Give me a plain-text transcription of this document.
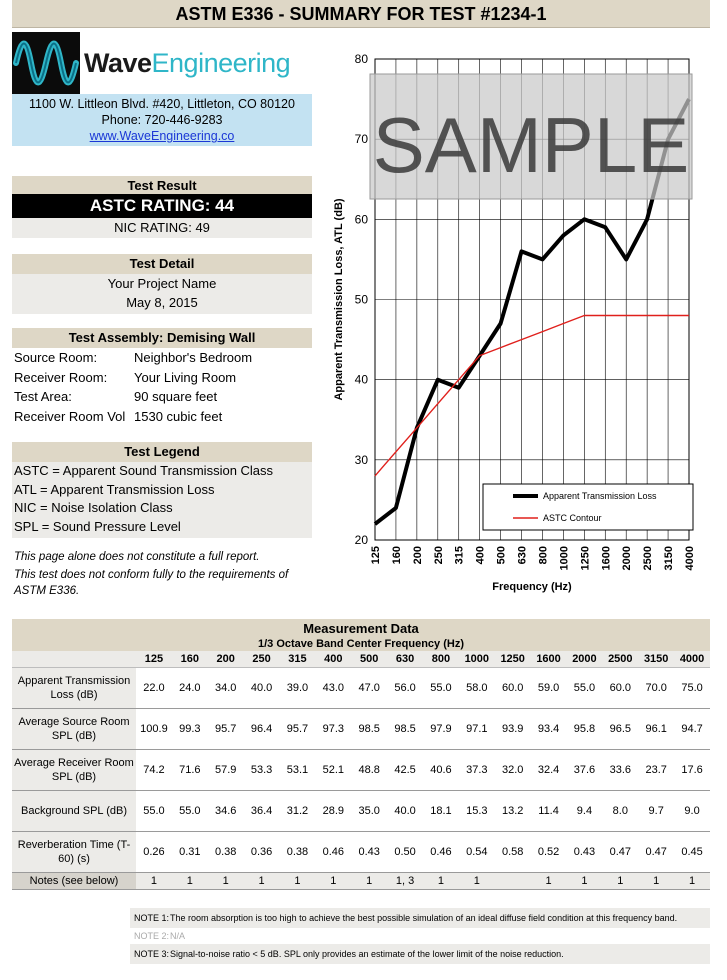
ASTM E336 - SUMMARY FOR TEST #1234-1
WaveEngineering
1100 W. Littleon Blvd. #420, Littleton, CO 80120
Phone: 720-446-9283
www.WaveEngineering.co
Test Result
ASTC RATING: 44
NIC RATING: 49
Test Detail
Your Project Name
May 8, 2015
Test Assembly: Demising Wall
Source Room:	Neighbor's Bedroom
Receiver Room: Your Living Room
Test Area:	90 square feet
Receiver Room Vol 1530 cubic feet
Test Legend
ASTC = Apparent Sound Transmission Class
ATL = Apparent Transmission Loss
NIC = Noise Isolation Class
SPL = Sound Pressure Level
This page alone does not constitute a full report.
This test does not conform fully to the requirements of ASTM E336.
125 160 200 250 315 400 500 630 800 1000 1250 1600 2000 2500 3150 4000
20
30
40
50
60
70
80
Frequency (Hz)
Apparent Transmission Loss, ATL (dB)
Apparent Transmission Loss
ASTC Contour
SAMPLE
Measurement Data																
1/3 Octave Band Center Frequency (Hz)																
	125	160	200	250	315	400	500	630	800	1000	1250	1600	2000	2500	3150	4000
Apparent Transmission Loss (dB)	22.0	24.0	34.0	40.0	39.0	43.0	47.0	56.0	55.0	58.0	60.0	59.0	55.0	60.0	70.0	75.0
Average Source Room SPL (dB)	100.9	99.3	95.7	96.4	95.7	97.3	98.5	98.5	97.9	97.1	93.9	93.4	95.8	96.5	96.1	94.7
Average Receiver Room SPL (dB)	74.2	71.6	57.9	53.3	53.1	52.1	48.8	42.5	40.6	37.3	32.0	32.4	37.6	33.6	23.7	17.6
Background SPL (dB)	55.0	55.0	34.6	36.4	31.2	28.9	35.0	40.0	18.1	15.3	13.2	11.4	9.4	8.0	9.7	9.0
Reverberation Time (T-60) (s)	0.26	0.31	0.38	0.36	0.38	0.46	0.43	0.50	0.46	0.54	0.58	0.52	0.43	0.47	0.47	0.45
Notes (see below)	1	1	1	1	1	1	1	1, 3	1	1		1	1	1	1	1
NOTE 1:The room absorption is too high to achieve the best possible simulation of an ideal diffuse field condition at this frequency band.
NOTE 2:N/A
NOTE 3:Signal-to-noise ratio < 5 dB. SPL only provides an estimate of the lower limit of the noise reduction.
